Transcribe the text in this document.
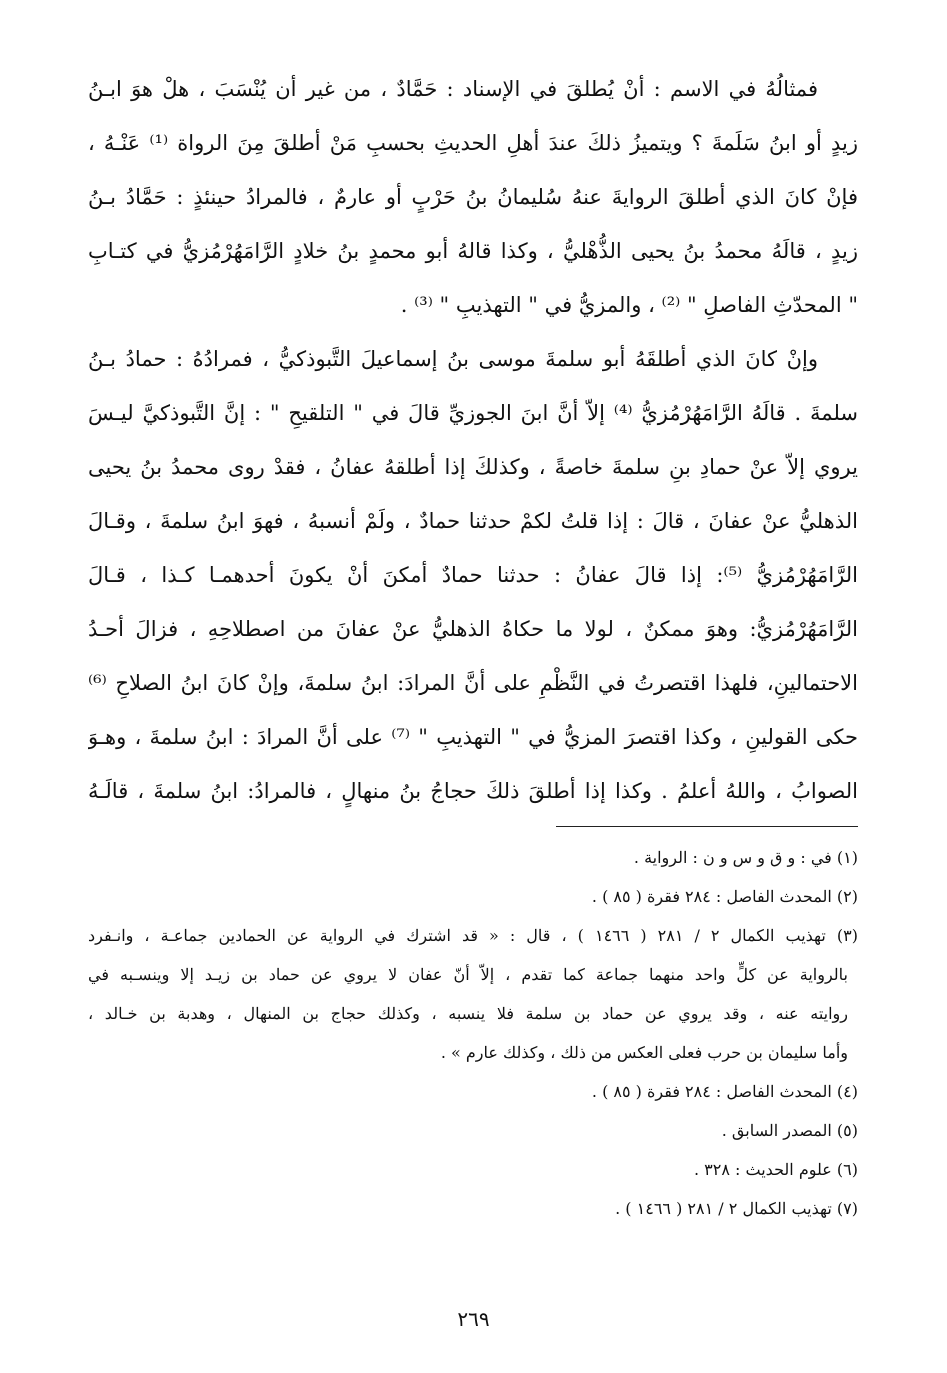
فمثالُهُ في الاسم : أنْ يُطلقَ في الإسناد : حَمَّادٌ ، من غير أن يُنْسَبَ ، هلْ هوَ ابـنُ
زيدٍ أو ابنُ سَلَمةَ ؟ ويتميزُ ذلكَ عندَ أهلِ الحديثِ بحسبِ مَنْ أطلقَ مِنَ الرواة ⁽¹⁾ عَنْـهُ ،
فإنْ كانَ الذي أطلقَ الروايةَ عنهُ سُليمانُ بنُ حَرْبٍ أو عارمٌ ، فالمرادُ حينئذٍ : حَمَّادُ بـنُ
زيدٍ ، قالَهُ محمدُ بنُ يحيى الذُّهْليُّ ، وكذا قالهُ أبو محمدٍ بنُ خلادٍ الرَّامَهُرْمُزيُّ في كتـابِ
" المحدّثِ الفاصلِ " ⁽²⁾ ، والمزيُّ في " التهذيبِ " ⁽³⁾ .
وإنْ كانَ الذي أطلقَهُ أبو سلمةَ موسى بنُ إسماعيلَ التَّبوذكيُّ ، فمرادُهُ : حمادُ بـنُ
سلمةَ . قالَهُ الرَّامَهُرْمُزيُّ ⁽⁴⁾ إلاّ أنَّ ابنَ الجوزيِّ قالَ في " التلقيحِ " : إنَّ التَّبوذكيَّ ليـسَ
يروي إلاّ عنْ حمادِ بنِ سلمةَ خاصةً ، وكذلكَ إذا أطلقهُ عفانُ ، فقدْ روى محمدُ بنُ يحيى
الذهليُّ عنْ عفانَ ، قالَ : إذا قلتُ لكمْ حدثنا حمادٌ ، ولَمْ أنسبهُ ، فهوَ ابنُ سلمةَ ، وقـالَ
الرَّامَهُرْمُزيُّ ⁽⁵⁾: إذا قالَ عفانُ : حدثنا حمادٌ أمكنَ أنْ يكونَ أحدهمـا كـذا ، قـالَ
الرَّامَهُرْمُزيُّ: وهوَ ممكنٌ ، لولا ما حكاهُ الذهليُّ عنْ عفانَ من اصطلاحِهِ ، فزالَ أحـدُ
الاحتمالينِ، فلهذا اقتصرتُ في النَّظْمِ على أنَّ المرادَ: ابنُ سلمةَ، وإنْ كانَ ابنُ الصلاحِ ⁽⁶⁾
حكى القولينِ ، وكذا اقتصرَ المزيُّ في " التهذيبِ " ⁽⁷⁾ على أنَّ المرادَ : ابنُ سلمةَ ، وهـوَ
الصوابُ ، واللهُ أعلمُ . وكذا إذا أطلقَ ذلكَ حجاجُ بنُ منهالٍ ، فالمرادُ: ابنُ سلمةَ ، قالَـهُ
(١) في : و ق و س و ن : الرواية .
(٢) المحدث الفاصل : ٢٨٤ فقرة ( ٨٥ ) .
(٣) تهذيب الكمال ٢ / ٢٨١ ( ١٤٦٦ ) ، قال : « قد اشترك في الرواية عن الحمادين جماعـة ، وانـفرد
بالرواية عن كلٍّ واحد منهما جماعة كما تقدم ، إلاّ أنّ عفان لا يروي عن حماد بن زيـد إلا وينسـبه في
روايته عنه ، وقد يروي عن حماد بن سلمة فلا ينسبه ، وكذلك حجاج بن المنهال ، وهدبة بن خـالد ،
وأما سليمان بن حرب فعلى العكس من ذلك ، وكذلك عارم » .
(٤) المحدث الفاصل : ٢٨٤ فقرة ( ٨٥ ) .
(٥) المصدر السابق .
(٦) علوم الحديث : ٣٢٨ .
(٧) تهذيب الكمال ٢ / ٢٨١ ( ١٤٦٦ ) .
٢٦٩
